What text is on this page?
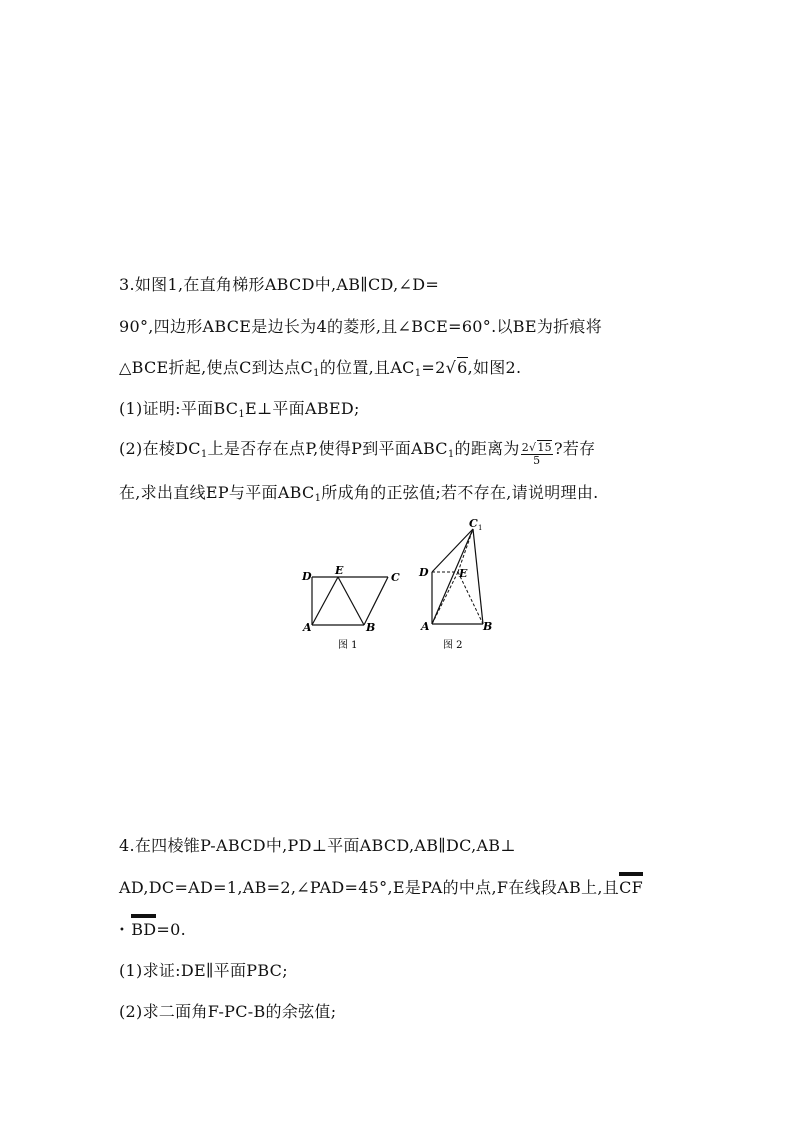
3.如图1,在直角梯形ABCD中,AB∥CD,∠D=
90°,四边形ABCE是边长为4的菱形,且∠BCE=60°.以BE为折痕将
△BCE折起,使点C到达点$C_1$的位置,且$AC_1=2√6$,如图2.
(1)证明:平面$BC_1E\perp$平面ABED;
(2)在棱$DC_1$上是否存在点P,使得P到平面$ABC_1$的距离为 $\frac{2√15}{5}$ ?若存
在,求出直线EP与平面$ABC_1$所成角的正弦值;若不存在,请说明理由.
D E
C
A	B
图 1
D	E
C 1
A	B
图 2
4.在四棱锥P-ABCD中,PD⊥平面ABCD,AB∥DC,AB⊥
AD,DC=AD=1,AB=2,∠PAD=45°,E是PA的中点,F在线段AB上,且CF
• BD=0.
(1)求证:DE∥平面PBC;
(2)求二面角F-PC-B的余弦值;
